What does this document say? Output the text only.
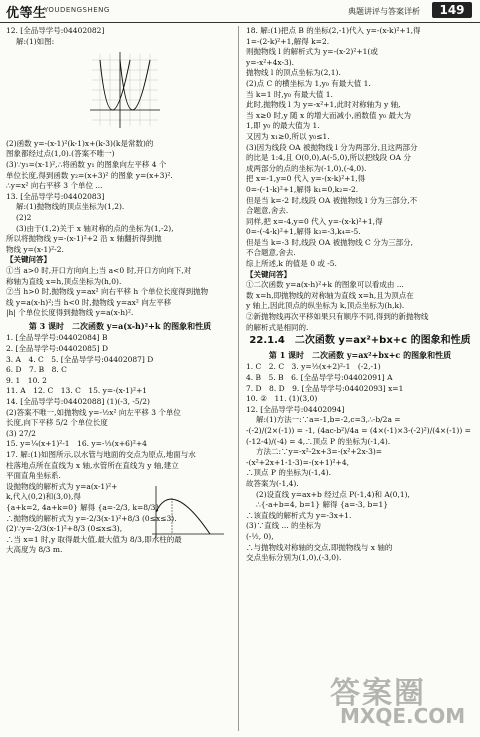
优等生
YOUDENGSHENG	典题讲评与答案详析	149
12. [全品导学号:04402082]
解:(1)如图:
(2)函数 y=-(x-1)²(k-1)x+(k-3)(k是常数)的
图象都经过点(1,0).(答案不唯一)
(3)∵y₁=(x-1)²,∴将函数 y₁ 的图象向左平移 4 个
单位长度,得到函数 y₂=(x+3)² 的图象 y=(x+3)².
∴y=x² 向右平移 3 个单位 ...
13. [全品导学号:04402083]
解:(1)抛物线的顶点坐标为(1,2).
(2)2
(3)由于(1,2)关于 x 轴对称的点的坐标为(1,-2),
所以将抛物线 y=-(x-1)²+2 沿 x 轴翻折得到抛
物线 y=(x-1)²-2.
【关键问答】
①当 a>0 时,开口方向向上;当 a<0 时,开口方向向下,对
称轴为直线 x=h,顶点坐标为(h,0).
②当 h>0 时,抛物线 y=ax² 向右平移 h 个单位长度得到抛物
线 y=a(x-h)²;当 h<0 时,抛物线 y=ax² 向左平移
|h| 个单位长度得到抛物线 y=a(x-h)².
第 3 课时　二次函数 y=a(x-h)²+k 的图象和性质
1. [全品导学号:04402084] B
2. [全品导学号:04402085] D
3. A　4. C　5. [全品导学号:04402087] D
6. D　7. B　8. C
9. 1　10. 2
11. A　12. C　13. C　15. y=-(x-1)²+1
14. [全品导学号:04402088] (1)(-3, -5/2)
(2)答案不唯一,如抛物线 y=-½x² 向左平移 3 个单位
长度,向下平移 5/2 个单位长度
(3) 27/2
15. y=¼(x+1)²-1　16. y=-⅓(x+6)²+4
17. 解:(1)如图所示,以水管与地面的交点为原点,地面与水
柱落地点所在直线为 x 轴,水管所在直线为 y 轴,建立
平面直角坐标系.
设抛物线的解析式为 y=a(x-1)²+
k,代入(0,2)和(3,0),得
{a+k=2, 4a+k=0} 解得 {a=-2/3, k=8/3}
∴抛物线的解析式为 y=-2/3(x-1)²+8/3 (0≤x≤3).
(2)∵y=-2/3(x-1)²+8/3 (0≤x≤3),
∴当 x=1 时,y 取得最大值,最大值为 8/3,即水柱的最
大高度为 8/3 m.
18. 解:(1)把点 B 的坐标(2,-1)代入 y=-(x-k)²+1,得
1=-(2-k)²+1,解得 k=2.
则抛物线 l 的解析式为 y=-(x-2)²+1(或
y=-x²+4x-3).
抛物线 l 的顶点坐标为(2,1).
(2)点 C 的横坐标为 1,y₀ 有最大值 1.
当 k=1 时,y₀ 有最大值 1.
此时,抛物线 l 为 y=-x²+1,此时对称轴为 y 轴,
当 x≥0 时,y 随 x 的增大而减小,函数值 y₀ 最大为
1,即 y₀ 的最大值为 1.
又因为 x₁≥0,所以 y₀≤1.
(3)因为线段 OA 被抛物线 l 分为两部分,且这两部分
的比是 1:4,且 O(0,0),A(-5,0),所以把线段 OA 分
成两部分的点的坐标为(-1,0),(-4,0).
把 x=-1,y=0 代入 y=-(x-k)²+1,得
0=-(-1-k)²+1,解得 k₁=0,k₂=-2.
但是当 k=-2 时,线段 OA 被抛物线 l 分为三部分,不
合题意,舍去.
同样,把 x=-4,y=0 代入 y=-(x-k)²+1,得
0=-(-4-k)²+1,解得 k₃=-3,k₄=-5.
但是当 k=-3 时,线段 OA 被抛物线 C 分为三部分,
不合题意,舍去.
综上所述,k 的值是 0 或 -5.
【关键问答】
①二次函数 y=a(x-h)²+k 的图象可以看成由 ...
数 x=h,即抛物线的对称轴为直线 x=h,且为顶点在
y 轴上,因此顶点的纵坐标为 k,顶点坐标为(h,k).
②新抛物线再次平移如果只有顺序不同,得到的新抛物线
的解析式是相同的.
22.1.4　二次函数 y=ax²+bx+c 的图象和性质
第 1 课时　二次函数 y=ax²+bx+c 的图象和性质
1. C　2. C　3. y=½(x+2)²-1　(-2,-1)
4. B　5. B　6. [全品导学号:04402091] A
7. D　8. D　9. [全品导学号:04402093] x=1
10. ②　11. (1)(3,0)
12. [全品导学号:04402094]
解:(1)方法一:∵a=-1,b=-2,c=3,∴-b/2a =
-(-2)/(2×(-1)) = -1, (4ac-b²)/4a = (4×(-1)×3-(-2)²)/(4×(-1)) =
(-12-4)/(-4) = 4,∴顶点 P 的坐标为(-1,4).
方法二:∵y=-x²-2x+3=-(x²+2x-3)=
-(x²+2x+1-1-3)=-(x+1)²+4,
∴顶点 P 的坐标为(-1,4).
故答案为(-1,4).
(2)设直线 y=ax+b 经过点 P(-1,4)和 A(0,1),
∴{-a+b=4, b=1} 解得 {a=-3, b=1}
∴该直线的解析式为 y=-3x+1.
(3)∵直线 ... 的坐标为
(-½, 0),
∴与抛物线对称轴的交点,即抛物线与 x 轴的
交点坐标分别为(1,0),(-3,0).
答案圈
MXQE.COM
